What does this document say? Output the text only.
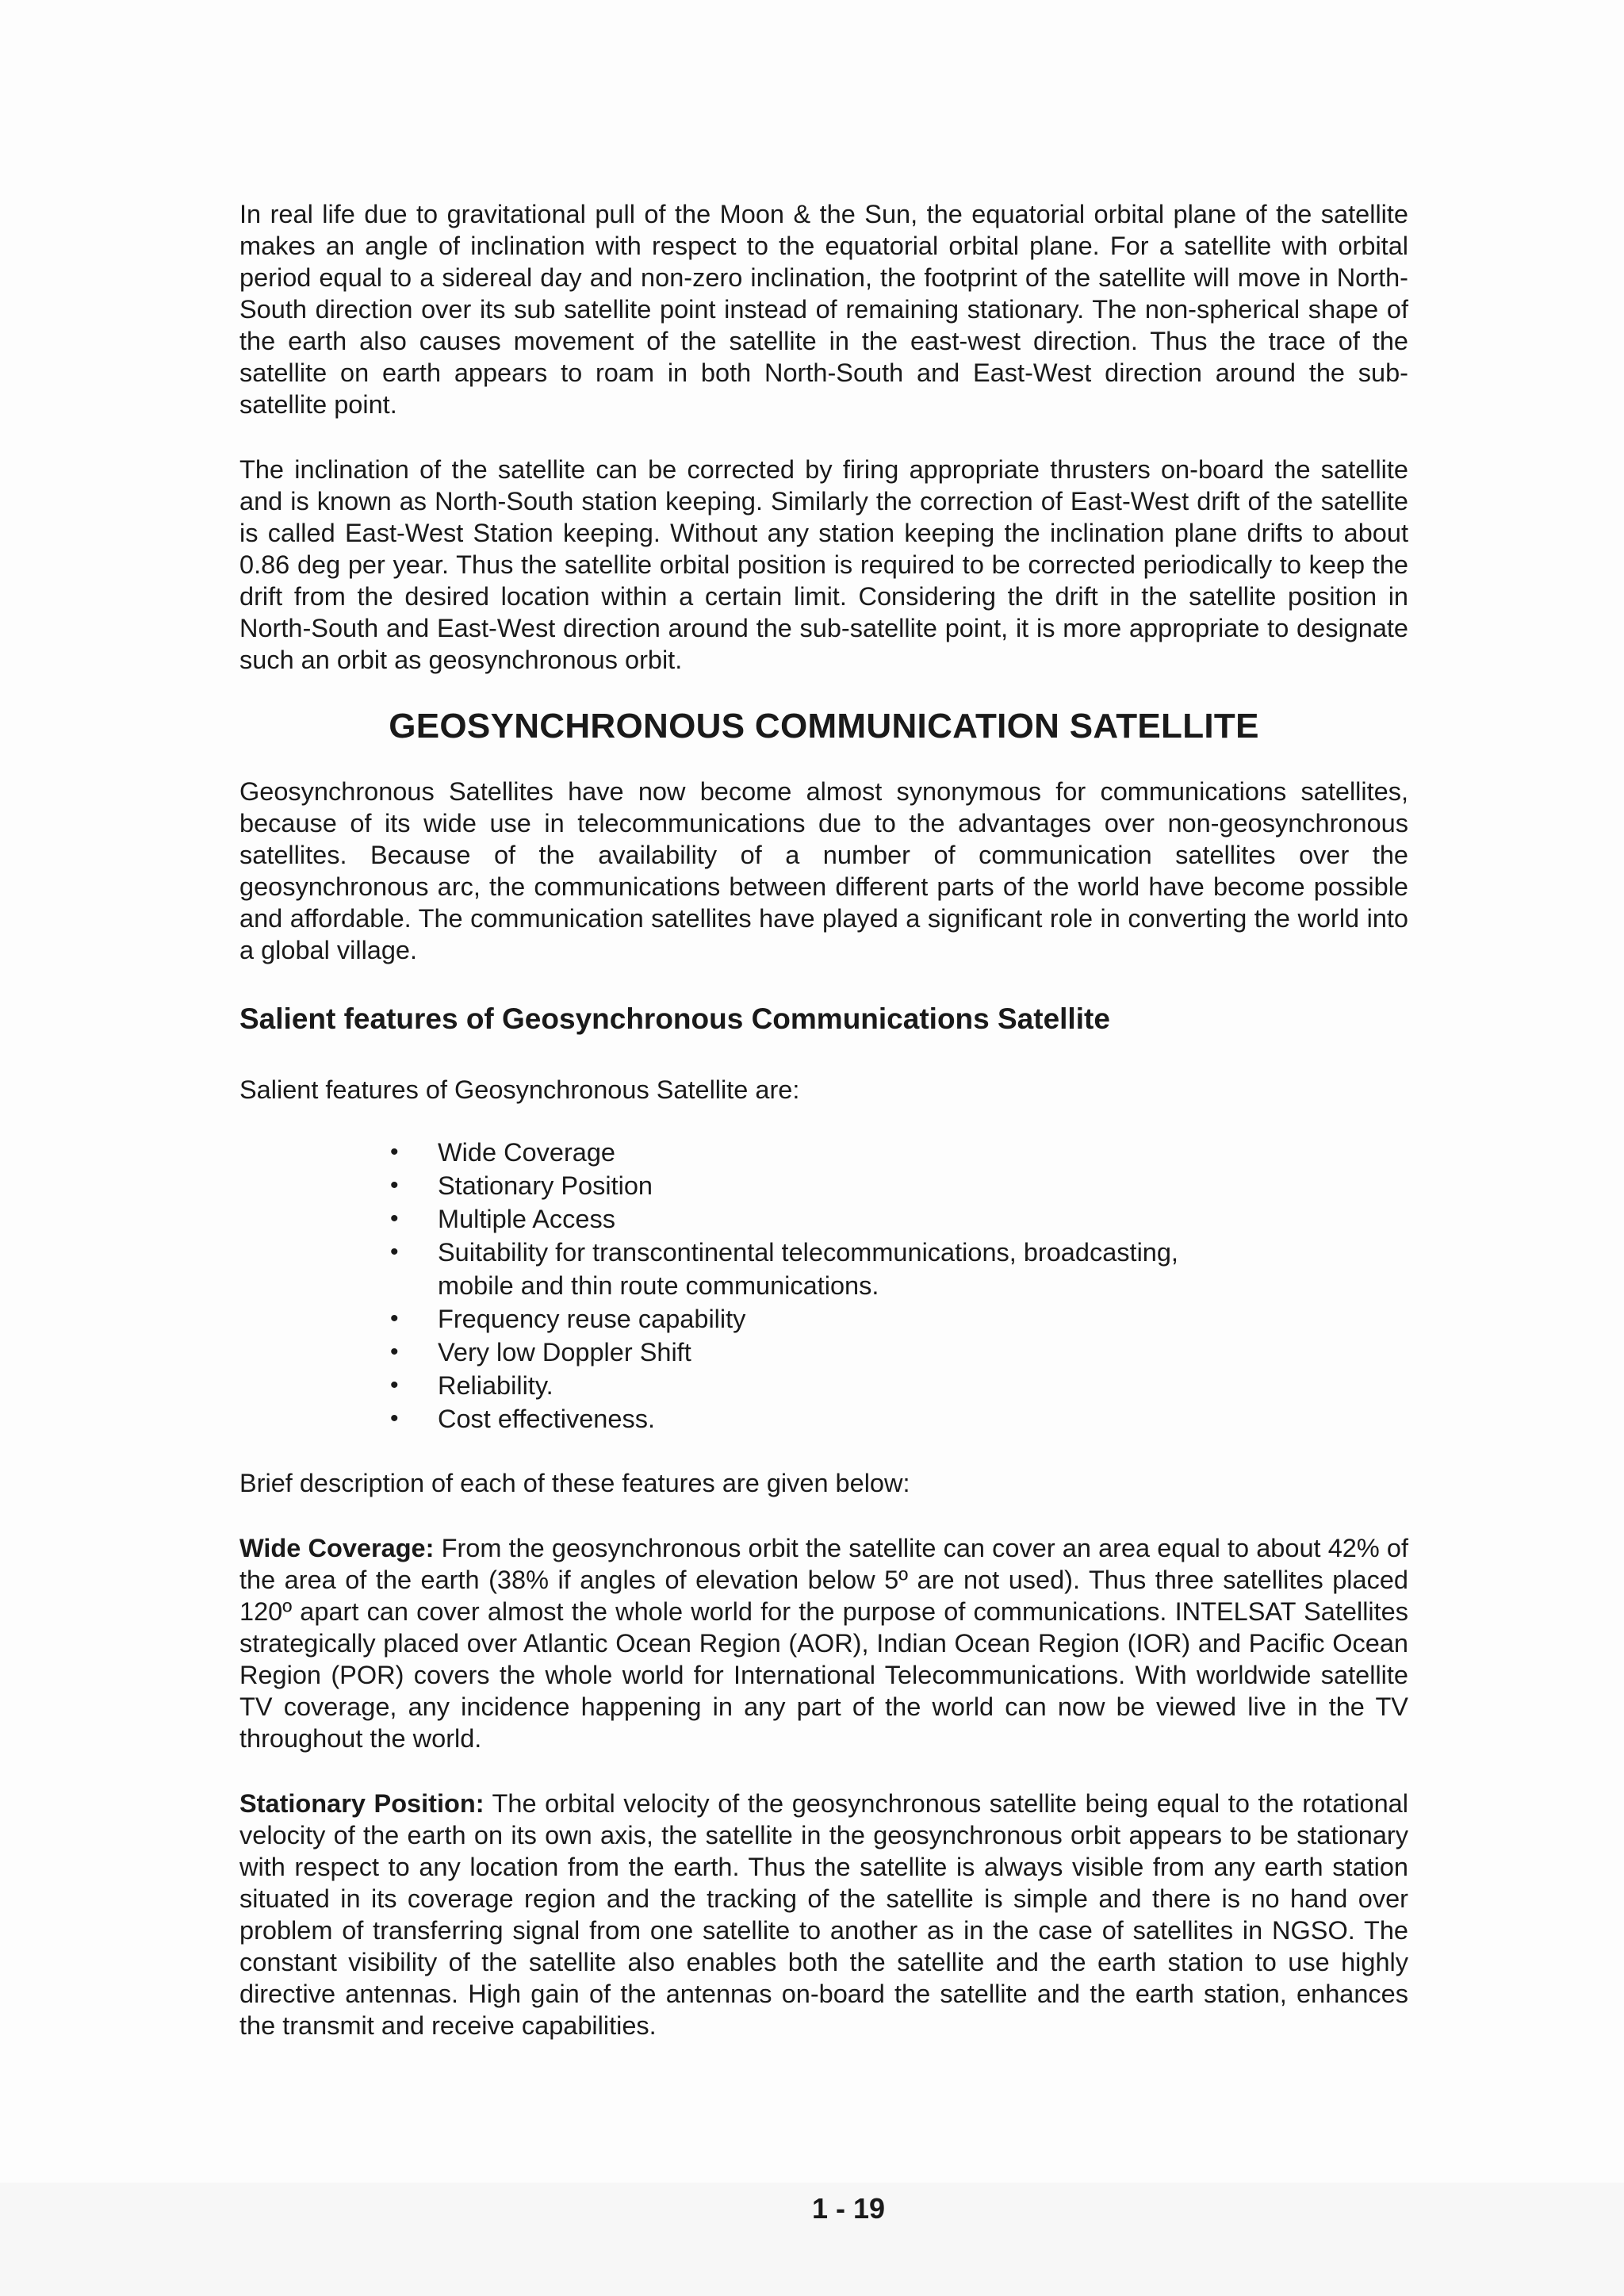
In real life due to gravitational pull of the Moon & the Sun, the equatorial orbital plane of the satellite makes an angle of inclination with respect to the equatorial orbital plane. For a satellite with orbital period equal to a sidereal day and non-zero inclination, the footprint of the satellite will move in North-South direction over its sub satellite point instead of remaining stationary. The non-spherical shape of the earth also causes movement of the satellite in the east-west direction. Thus the trace of the satellite on earth appears to roam in both North-South and East-West direction around the sub-satellite point.

The inclination of the satellite can be corrected by firing appropriate thrusters on-board the satellite and is known as North-South station keeping. Similarly the correction of East-West drift of the satellite is called East-West Station keeping. Without any station keeping the inclination plane drifts to about 0.86 deg per year. Thus the satellite orbital position is required to be corrected periodically to keep the drift from the desired location within a certain limit. Considering the drift in the satellite position in North-South and East-West direction around the sub-satellite point, it is more appropriate to designate such an orbit as geosynchronous orbit.

GEOSYNCHRONOUS COMMUNICATION SATELLITE

Geosynchronous Satellites have now become almost synonymous for communications satellites, because of its wide use in telecommunications due to the advantages over non-geosynchronous satellites. Because of the availability of a number of communication satellites over the geosynchronous arc, the communications between different parts of the world have become possible and affordable. The communication satellites have played a significant role in converting the world into a global village.

Salient features of Geosynchronous Communications Satellite

Salient features of Geosynchronous Satellite are:

• Wide Coverage
• Stationary Position
• Multiple Access
• Suitability for transcontinental telecommunications, broadcasting, mobile and thin route communications.
• Frequency reuse capability
• Very low Doppler Shift
• Reliability.
• Cost effectiveness.

Brief description of each of these features are given below:

Wide Coverage: From the geosynchronous orbit the satellite can cover an area equal to about 42% of the area of the earth (38% if angles of elevation below 5º are not used). Thus three satellites placed 120º apart can cover almost the whole world for the purpose of communications. INTELSAT Satellites strategically placed over Atlantic Ocean Region (AOR), Indian Ocean Region (IOR) and Pacific Ocean Region (POR) covers the whole world for International Telecommunications. With worldwide satellite TV coverage, any incidence happening in any part of the world can now be viewed live in the TV throughout the world.

Stationary Position: The orbital velocity of the geosynchronous satellite being equal to the rotational velocity of the earth on its own axis, the satellite in the geosynchronous orbit appears to be stationary with respect to any location from the earth. Thus the satellite is always visible from any earth station situated in its coverage region and the tracking of the satellite is simple and there is no hand over problem of transferring signal from one satellite to another as in the case of satellites in NGSO. The constant visibility of the satellite also enables both the satellite and the earth station to use highly directive antennas. High gain of the antennas on-board the satellite and the earth station, enhances the transmit and receive capabilities.

1 - 19
